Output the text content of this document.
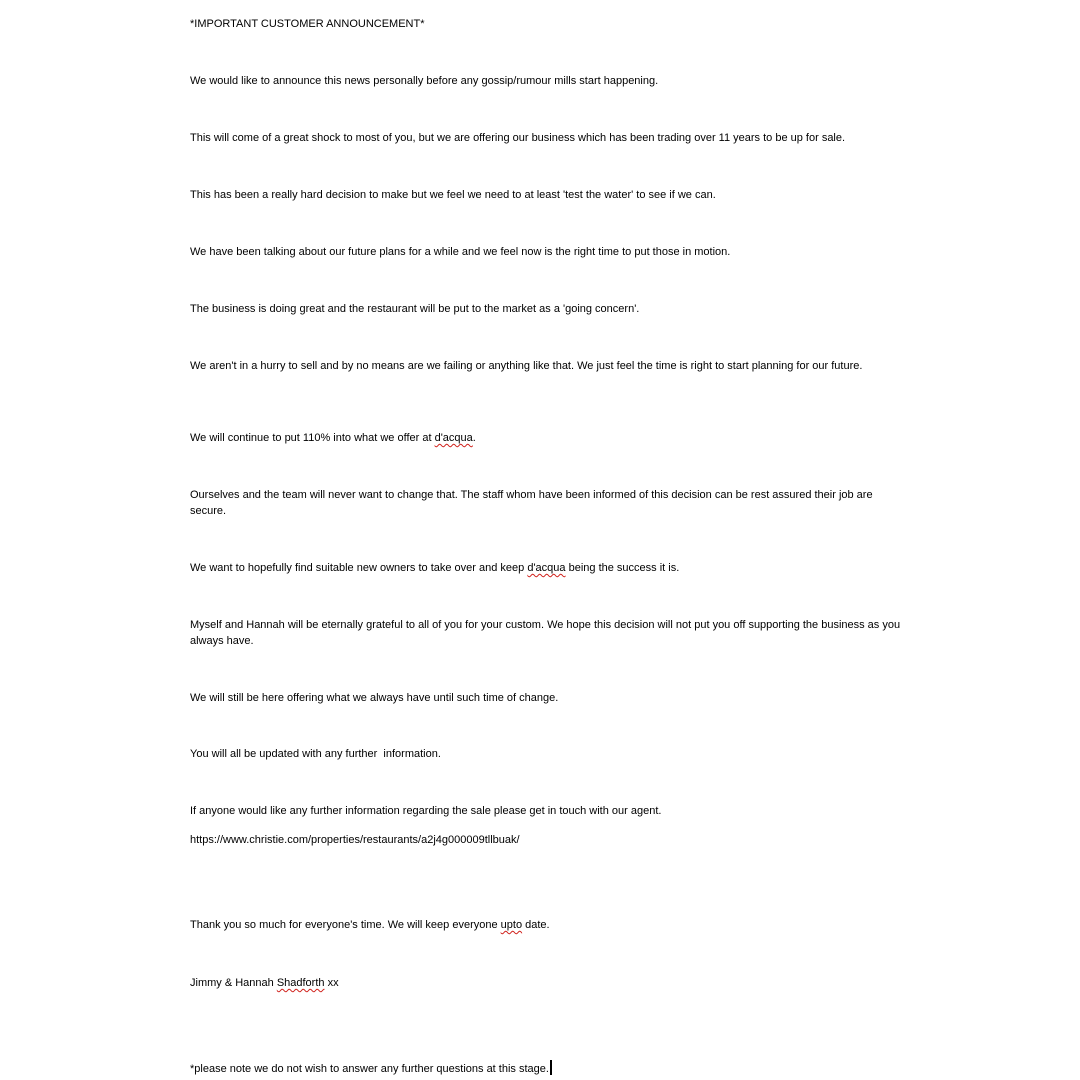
*IMPORTANT CUSTOMER ANNOUNCEMENT*

We would like to announce this news personally before any gossip/rumour mills start happening.

This will come of a great shock to most of you, but we are offering our business which has been trading over 11 years to be up for sale.

This has been a really hard decision to make but we feel we need to at least 'test the water' to see if we can.

We have been talking about our future plans for a while and we feel now is the right time to put those in motion.

The business is doing great and the restaurant will be put to the market as a 'going concern'.

We aren't in a hurry to sell and by no means are we failing or anything like that. We just feel the time is right to start planning for our future.

We will continue to put 110% into what we offer at d'acqua.

Ourselves and the team will never want to change that. The staff whom have been informed of this decision can be rest assured their job are secure.

We want to hopefully find suitable new owners to take over and keep d'acqua being the success it is.

Myself and Hannah will be eternally grateful to all of you for your custom. We hope this decision will not put you off supporting the business as you always have.

We will still be here offering what we always have until such time of change.

You will all be updated with any further  information.

If anyone would like any further information regarding the sale please get in touch with our agent.

https://www.christie.com/properties/restaurants/a2j4g000009tllbuak/

Thank you so much for everyone's time. We will keep everyone upto date.

Jimmy & Hannah Shadforth xx

*please note we do not wish to answer any further questions at this stage.
